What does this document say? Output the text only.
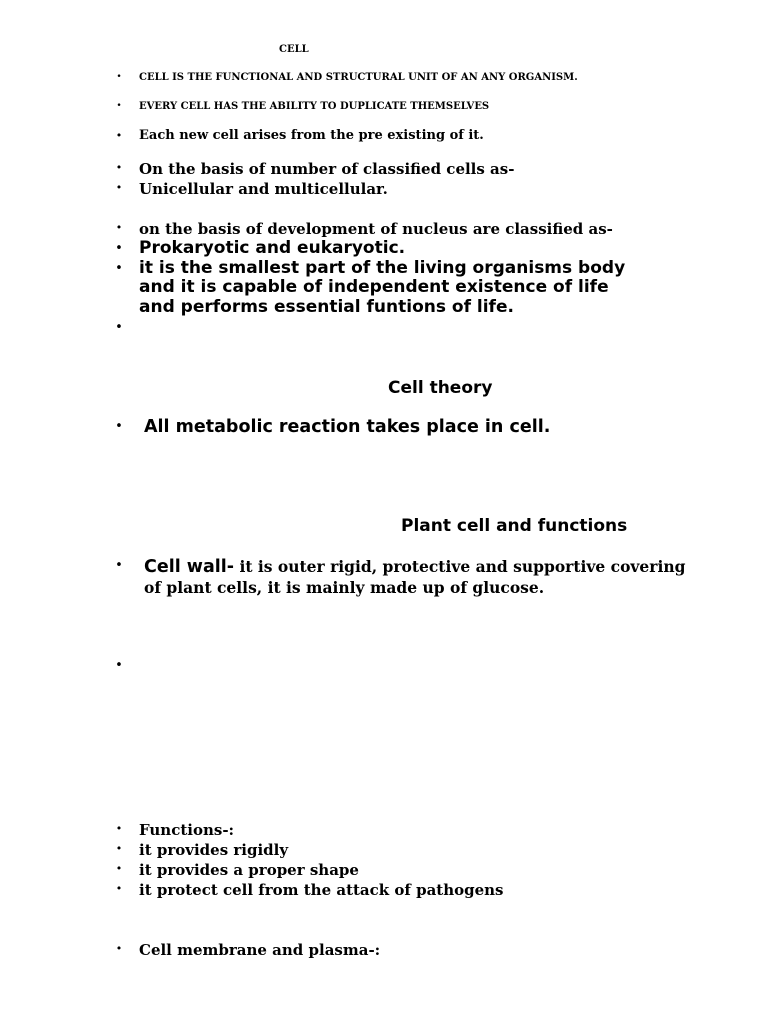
CELL
• CELL IS THE FUNCTIONAL AND STRUCTURAL UNIT OF AN ANY ORGANISM.
• EVERY CELL HAS THE ABILITY TO DUPLICATE THEMSELVES
• Each new cell arises from the pre existing of it.
• On the basis of number of classified cells as-
• Unicellular and multicellular.
• on the basis of development of nucleus are classified as-
• Prokaryotic and eukaryotic.
• it is the smallest part of the living organisms body
and it is capable of independent existence of life
and performs essential funtions of life.
•
Cell theory
• All metabolic reaction takes place in cell.
Plant cell and functions
• Cell wall- it is outer rigid, protective and supportive covering
of plant cells, it is mainly made up of glucose.
•
• Functions-:
• it provides rigidly
• it provides a proper shape
• it protect cell from the attack of pathogens
• Cell membrane and plasma-:
